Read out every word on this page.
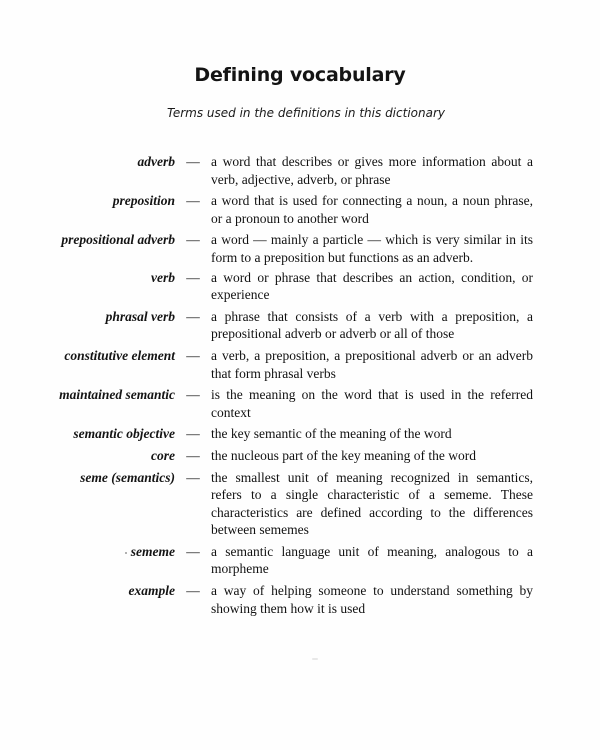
Defining vocabulary
Terms used in the definitions in this dictionary
adverb — a word that describes or gives more information about a verb, adjective, adverb, or phrase
preposition — a word that is used for connecting a noun, a noun phrase, or a pronoun to another word
prepositional adverb — a word — mainly a particle — which is very similar in its form to a preposition but functions as an adverb.
verb — a word or phrase that describes an action, condition, or experience
phrasal verb — a phrase that consists of a verb with a preposition, a prepositional adverb or adverb or all of those
constitutive element — a verb, a preposition, a prepositional adverb or an adverb that form phrasal verbs
maintained semantic — is the meaning on the word that is used in the referred context
semantic objective — the key semantic of the meaning of the word
core — the nucleous part of the key meaning of the word
seme (semantics) — the smallest unit of meaning recognized in semantics, refers to a single characteristic of a sememe. These characteristics are defined according to the differences between sememes
sememe — a semantic language unit of meaning, analogous to a morpheme
example — a way of helping someone to understand something by showing them how it is used
